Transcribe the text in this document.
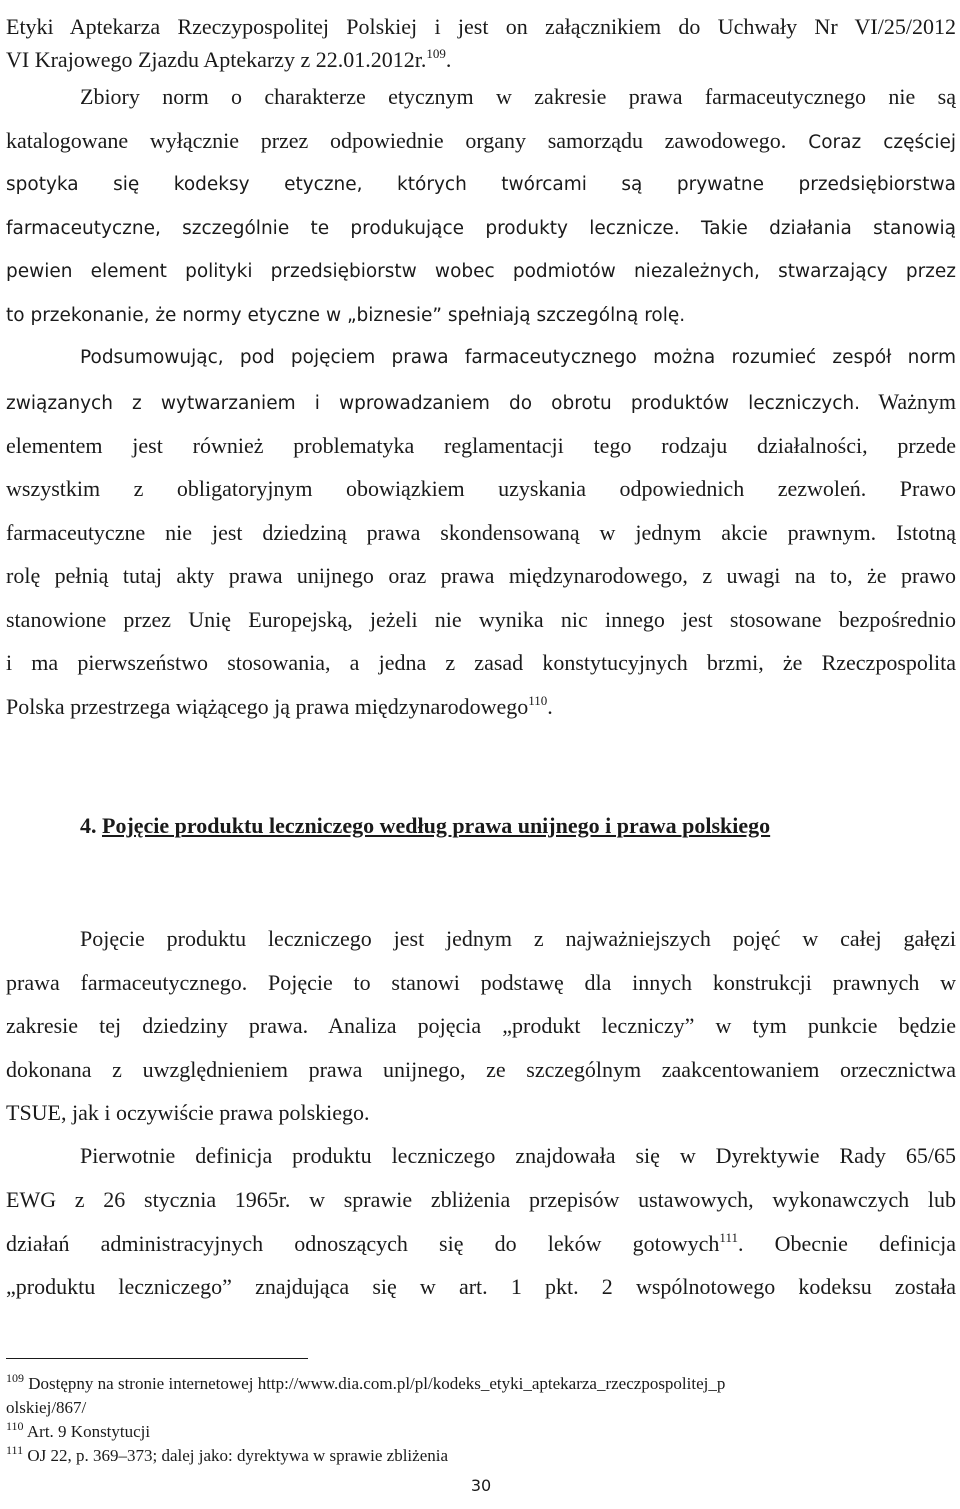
Etyki Aptekarza Rzeczypospolitej Polskiej i jest on załącznikiem do Uchwały Nr VI/25/2012
VI Krajowego Zjazdu Aptekarzy z 22.01.2012r.$^{109}$.
Zbiory norm o charakterze etycznym w zakresie prawa farmaceutycznego nie są
katalogowane wyłącznie przez odpowiednie organy samorządu zawodowego. Coraz częściej
spotyka się kodeksy etyczne, których twórcami są prywatne przedsiębiorstwa
farmaceutyczne, szczególnie te produkujące produkty lecznicze. Takie działania stanowią
pewien element polityki przedsiębiorstw wobec podmiotów niezależnych, stwarzający przez
to przekonanie, że normy etyczne w „biznesie” spełniają szczególną rolę.
Podsumowując, pod pojęciem prawa farmaceutycznego można rozumieć zespół norm
związanych z wytwarzaniem i wprowadzaniem do obrotu produktów leczniczych. Ważnym
elementem jest również problematyka reglamentacji tego rodzaju działalności, przede
wszystkim z obligatoryjnym obowiązkiem uzyskania odpowiednich zezwoleń. Prawo
farmaceutyczne nie jest dziedziną prawa skondensowaną w jednym akcie prawnym. Istotną
rolę pełnią tutaj akty prawa unijnego oraz prawa międzynarodowego, z uwagi na to, że prawo
stanowione przez Unię Europejską, jeżeli nie wynika nic innego jest stosowane bezpośrednio
i ma pierwszeństwo stosowania, a jedna z zasad konstytucyjnych brzmi, że Rzeczpospolita
Polska przestrzega wiążącego ją prawa międzynarodowego$^{110}$.
4. Pojęcie produktu leczniczego według prawa unijnego i prawa polskiego
Pojęcie produktu leczniczego jest jednym z najważniejszych pojęć w całej gałęzi
prawa farmaceutycznego. Pojęcie to stanowi podstawę dla innych konstrukcji prawnych w
zakresie tej dziedziny prawa. Analiza pojęcia „produkt leczniczy” w tym punkcie będzie
dokonana z uwzględnieniem prawa unijnego, ze szczególnym zaakcentowaniem orzecznictwa
TSUE, jak i oczywiście prawa polskiego.
Pierwotnie definicja produktu leczniczego znajdowała się w Dyrektywie Rady 65/65
EWG z 26 stycznia 1965r. w sprawie zbliżenia przepisów ustawowych, wykonawczych lub
działań administracyjnych odnoszących się do leków gotowych$^{111}$. Obecnie definicja
„produktu leczniczego” znajdująca się w art. 1 pkt. 2 wspólnotowego kodeksu została
$^{109}$ Dostępny na stronie internetowej http://www.dia.com.pl/pl/kodeks_etyki_aptekarza_rzeczpospolitej_p
olskiej/867/
$^{110}$ Art. 9 Konstytucji
$^{111}$ OJ 22, p. 369–373; dalej jako: dyrektywa w sprawie zbliżenia
30
